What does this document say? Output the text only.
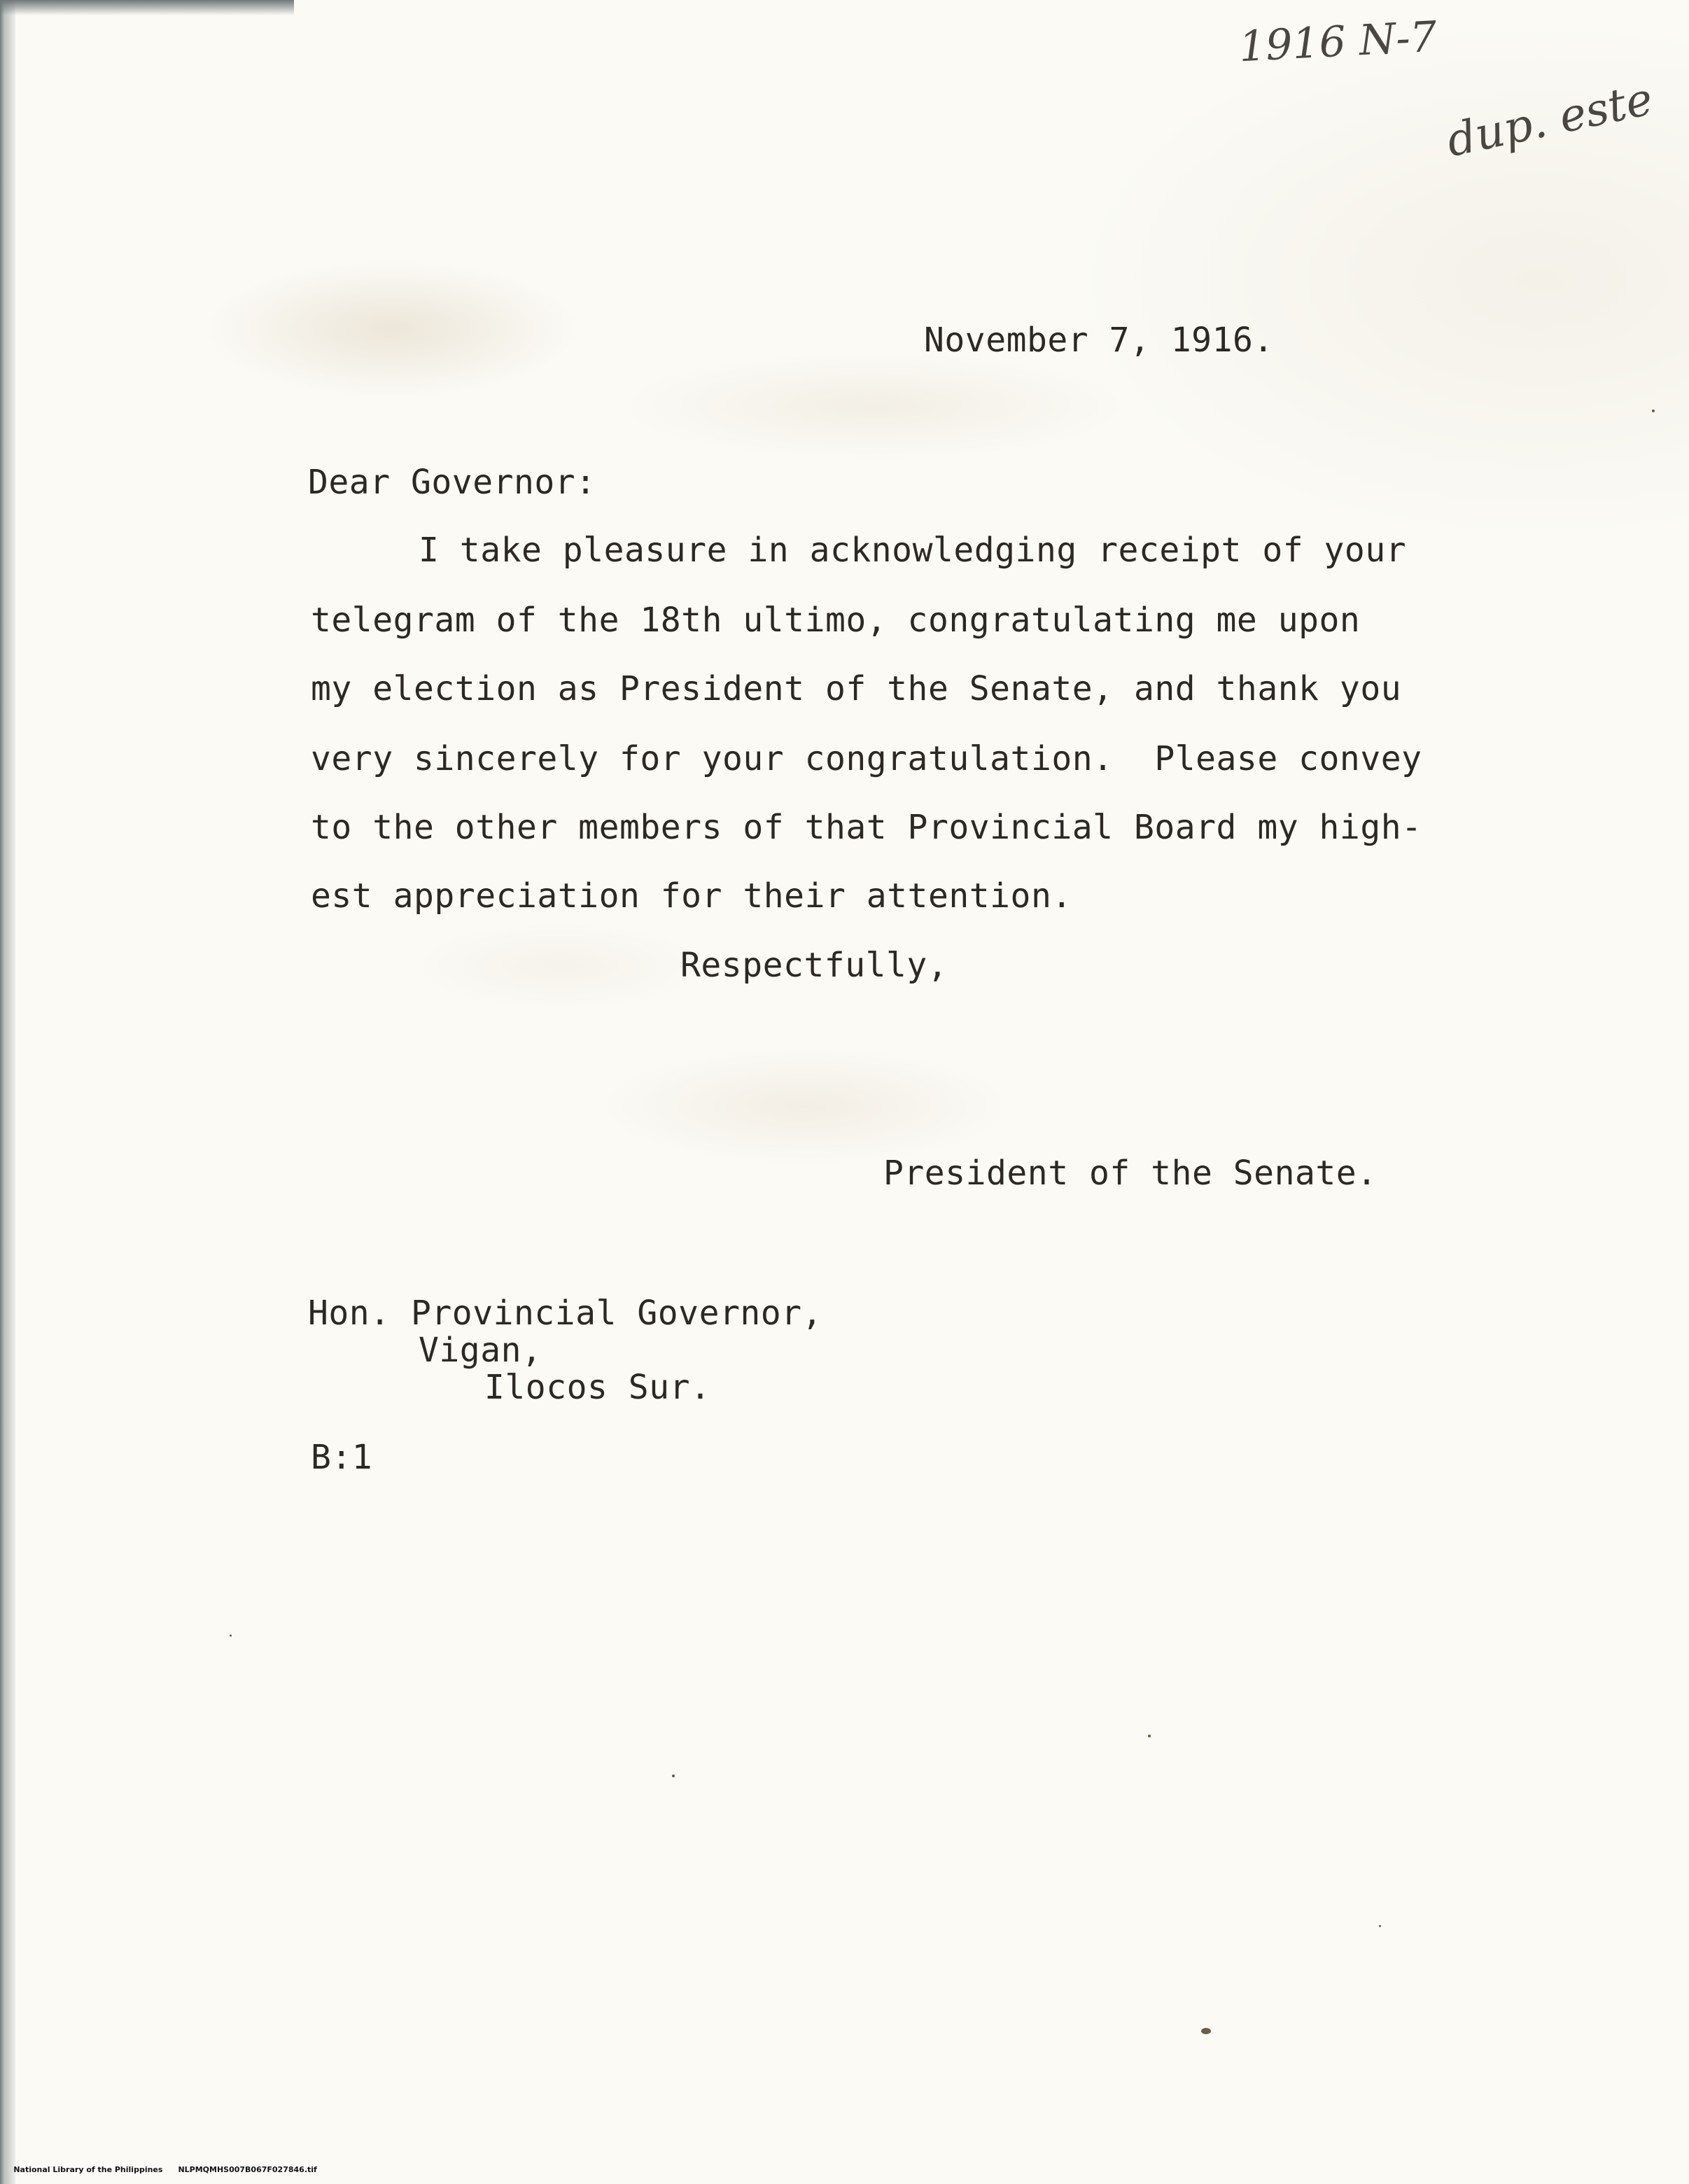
1916 N-7
dup. este
November 7, 1916.
Dear Governor:
I take pleasure in acknowledging receipt of your
telegram of the 18th ultimo, congratulating me upon
my election as President of the Senate, and thank you
very sincerely for your congratulation.  Please convey
to the other members of that Provincial Board my high-
est appreciation for their attention.
Respectfully,
President of the Senate.
Hon. Provincial Governor,
Vigan,
Ilocos Sur.
B:1

National Library of the Philippines NLPMQMHS007B067F027846.tif
